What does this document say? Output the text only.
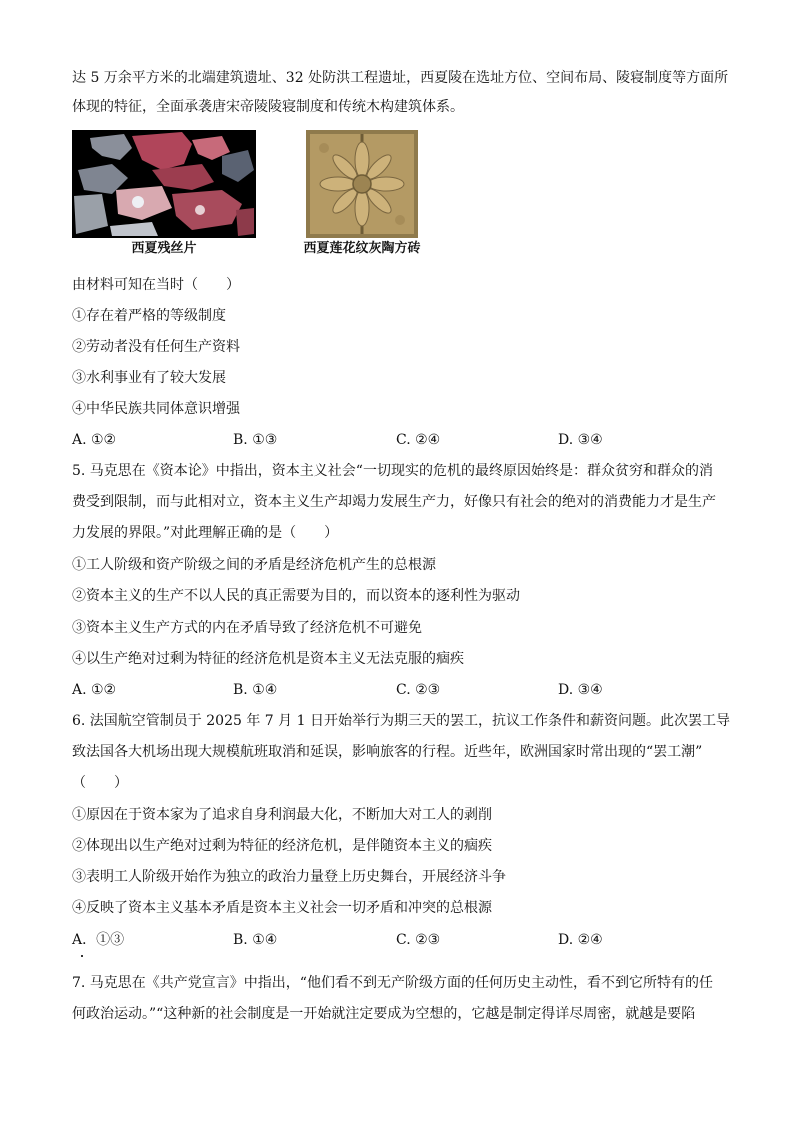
达 5 万余平方米的北端建筑遗址、32 处防洪工程遗址，西夏陵在选址方位、空间布局、陵寝制度等方面所
体现的特征，全面承袭唐宋帝陵陵寝制度和传统木构建筑体系。
西夏残丝片	西夏莲花纹灰陶方砖
由材料可知在当时（　　）
①存在着严格的等级制度
②劳动者没有任何生产资料
③水利事业有了较大发展
④中华民族共同体意识增强
A. ①②	B. ①③	C. ②④	D. ③④
5. 马克思在《资本论》中指出，资本主义社会“一切现实的危机的最终原因始终是：群众贫穷和群众的消
费受到限制，而与此相对立，资本主义生产却竭力发展生产力，好像只有社会的绝对的消费能力才是生产
力发展的界限。”对此理解正确的是（　　）
①工人阶级和资产阶级之间的矛盾是经济危机产生的总根源
②资本主义的生产不以人民的真正需要为目的，而以资本的逐利性为驱动
③资本主义生产方式的内在矛盾导致了经济危机不可避免
④以生产绝对过剩为特征的经济危机是资本主义无法克服的痼疾
A. ①②	B. ①④	C. ②③	D. ③④
6. 法国航空管制员于 2025 年 7 月 1 日开始举行为期三天的罢工，抗议工作条件和薪资问题。此次罢工导
致法国各大机场出现大规模航班取消和延误，影响旅客的行程。近些年，欧洲国家时常出现的“罢工潮”
（　　）
①原因在于资本家为了追求自身利润最大化，不断加大对工人的剥削
②体现出以生产绝对过剩为特征的经济危机，是伴随资本主义的痼疾
③表明工人阶级开始作为独立的政治力量登上历史舞台，开展经济斗争
④反映了资本主义基本矛盾是资本主义社会一切矛盾和冲突的总根源
A．①③	B. ①④	C. ②③	D. ②④
7. 马克思在《共产党宣言》中指出，“他们看不到无产阶级方面的任何历史主动性，看不到它所特有的任
何政治运动。”“这种新的社会制度是一开始就注定要成为空想的，它越是制定得详尽周密，就越是要陷
